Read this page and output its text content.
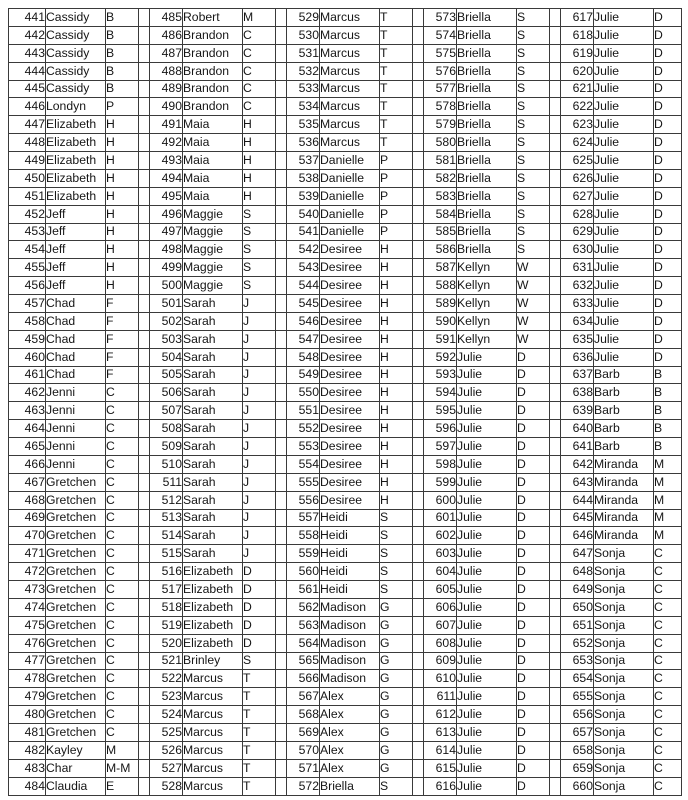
441	Cassidy	B		485	Robert	M		529	Marcus	T		573	Briella	S		617	Julie	D
442	Cassidy	B		486	Brandon	C		530	Marcus	T		574	Briella	S		618	Julie	D
443	Cassidy	B		487	Brandon	C		531	Marcus	T		575	Briella	S		619	Julie	D
444	Cassidy	B		488	Brandon	C		532	Marcus	T		576	Briella	S		620	Julie	D
445	Cassidy	B		489	Brandon	C		533	Marcus	T		577	Briella	S		621	Julie	D
446	Londyn	P		490	Brandon	C		534	Marcus	T		578	Briella	S		622	Julie	D
447	Elizabeth	H		491	Maia	H		535	Marcus	T		579	Briella	S		623	Julie	D
448	Elizabeth	H		492	Maia	H		536	Marcus	T		580	Briella	S		624	Julie	D
449	Elizabeth	H		493	Maia	H		537	Danielle	P		581	Briella	S		625	Julie	D
450	Elizabeth	H		494	Maia	H		538	Danielle	P		582	Briella	S		626	Julie	D
451	Elizabeth	H		495	Maia	H		539	Danielle	P		583	Briella	S		627	Julie	D
452	Jeff	H		496	Maggie	S		540	Danielle	P		584	Briella	S		628	Julie	D
453	Jeff	H		497	Maggie	S		541	Danielle	P		585	Briella	S		629	Julie	D
454	Jeff	H		498	Maggie	S		542	Desiree	H		586	Briella	S		630	Julie	D
455	Jeff	H		499	Maggie	S		543	Desiree	H		587	Kellyn	W		631	Julie	D
456	Jeff	H		500	Maggie	S		544	Desiree	H		588	Kellyn	W		632	Julie	D
457	Chad	F		501	Sarah	J		545	Desiree	H		589	Kellyn	W		633	Julie	D
458	Chad	F		502	Sarah	J		546	Desiree	H		590	Kellyn	W		634	Julie	D
459	Chad	F		503	Sarah	J		547	Desiree	H		591	Kellyn	W		635	Julie	D
460	Chad	F		504	Sarah	J		548	Desiree	H		592	Julie	D		636	Julie	D
461	Chad	F		505	Sarah	J		549	Desiree	H		593	Julie	D		637	Barb	B
462	Jenni	C		506	Sarah	J		550	Desiree	H		594	Julie	D		638	Barb	B
463	Jenni	C		507	Sarah	J		551	Desiree	H		595	Julie	D		639	Barb	B
464	Jenni	C		508	Sarah	J		552	Desiree	H		596	Julie	D		640	Barb	B
465	Jenni	C		509	Sarah	J		553	Desiree	H		597	Julie	D		641	Barb	B
466	Jenni	C		510	Sarah	J		554	Desiree	H		598	Julie	D		642	Miranda	M
467	Gretchen	C		511	Sarah	J		555	Desiree	H		599	Julie	D		643	Miranda	M
468	Gretchen	C		512	Sarah	J		556	Desiree	H		600	Julie	D		644	Miranda	M
469	Gretchen	C		513	Sarah	J		557	Heidi	S		601	Julie	D		645	Miranda	M
470	Gretchen	C		514	Sarah	J		558	Heidi	S		602	Julie	D		646	Miranda	M
471	Gretchen	C		515	Sarah	J		559	Heidi	S		603	Julie	D		647	Sonja	C
472	Gretchen	C		516	Elizabeth	D		560	Heidi	S		604	Julie	D		648	Sonja	C
473	Gretchen	C		517	Elizabeth	D		561	Heidi	S		605	Julie	D		649	Sonja	C
474	Gretchen	C		518	Elizabeth	D		562	Madison	G		606	Julie	D		650	Sonja	C
475	Gretchen	C		519	Elizabeth	D		563	Madison	G		607	Julie	D		651	Sonja	C
476	Gretchen	C		520	Elizabeth	D		564	Madison	G		608	Julie	D		652	Sonja	C
477	Gretchen	C		521	Brinley	S		565	Madison	G		609	Julie	D		653	Sonja	C
478	Gretchen	C		522	Marcus	T		566	Madison	G		610	Julie	D		654	Sonja	C
479	Gretchen	C		523	Marcus	T		567	Alex	G		611	Julie	D		655	Sonja	C
480	Gretchen	C		524	Marcus	T		568	Alex	G		612	Julie	D		656	Sonja	C
481	Gretchen	C		525	Marcus	T		569	Alex	G		613	Julie	D		657	Sonja	C
482	Kayley	M		526	Marcus	T		570	Alex	G		614	Julie	D		658	Sonja	C
483	Char	M-M		527	Marcus	T		571	Alex	G		615	Julie	D		659	Sonja	C
484	Claudia	E		528	Marcus	T		572	Briella	S		616	Julie	D		660	Sonja	C
